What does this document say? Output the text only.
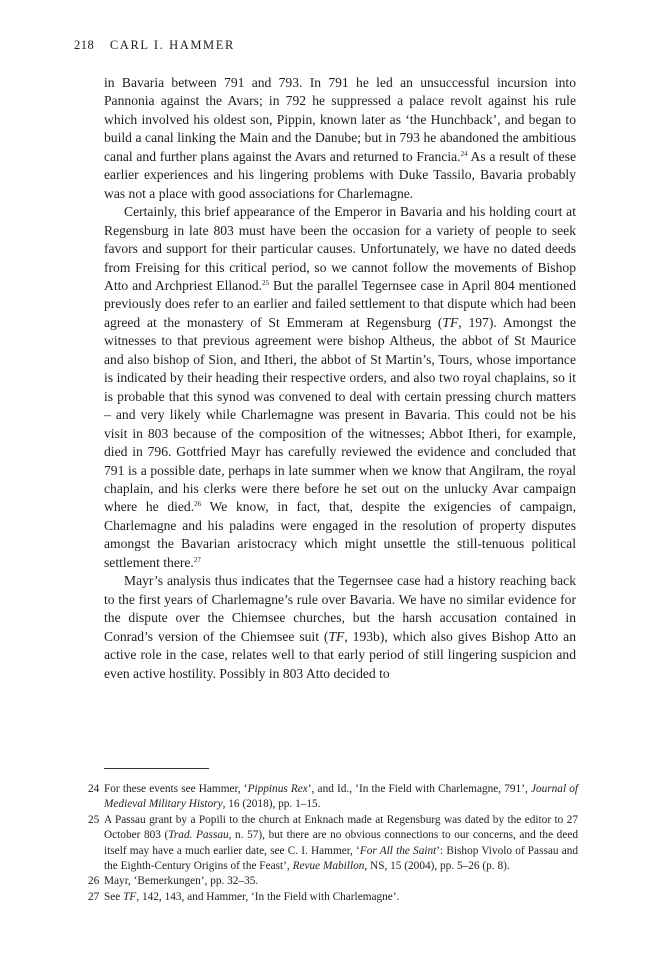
218 CARL I. HAMMER

in Bavaria between 791 and 793. In 791 he led an unsuccessful incursion into Pannonia against the Avars; in 792 he suppressed a palace revolt against his rule which involved his oldest son, Pippin, known later as ‘the Hunchback’, and began to build a canal linking the Main and the Danube; but in 793 he abandoned the ambitious canal and further plans against the Avars and returned to Francia.$^{24}$ As a result of these earlier experiences and his lingering problems with Duke Tassilo, Bavaria probably was not a place with good associations for Charlemagne.

Certainly, this brief appearance of the Emperor in Bavaria and his holding court at Regensburg in late 803 must have been the occasion for a variety of people to seek favors and support for their particular causes. Unfortunately, we have no dated deeds from Freising for this critical period, so we cannot follow the movements of Bishop Atto and Archpriest Ellanod.$^{25}$ But the parallel Tegernsee case in April 804 mentioned previously does refer to an earlier and failed settlement to that dispute which had been agreed at the monastery of St Emmeram at Regensburg (TF, 197). Amongst the witnesses to that previous agreement were bishop Altheus, the abbot of St Maurice and also bishop of Sion, and Itheri, the abbot of St Martin’s, Tours, whose importance is indicated by their heading their respective orders, and also two royal chaplains, so it is probable that this synod was convened to deal with certain pressing church matters – and very likely while Charlemagne was present in Bavaria. This could not be his visit in 803 because of the composition of the witnesses; Abbot Itheri, for example, died in 796. Gottfried Mayr has carefully reviewed the evidence and concluded that 791 is a possible date, perhaps in late summer when we know that Angilram, the royal chaplain, and his clerks were there before he set out on the unlucky Avar campaign where he died.$^{26}$ We know, in fact, that, despite the exigencies of campaign, Charlemagne and his paladins were engaged in the resolution of property disputes amongst the Bavarian aristocracy which might unsettle the still-tenuous political settlement there.$^{27}$

Mayr’s analysis thus indicates that the Tegernsee case had a history reaching back to the first years of Charlemagne’s rule over Bavaria. We have no similar evidence for the dispute over the Chiemsee churches, but the harsh accusation contained in Conrad’s version of the Chiemsee suit (TF, 193b), which also gives Bishop Atto an active role in the case, relates well to that early period of still lingering suspicion and even active hostility. Possibly in 803 Atto decided to

24 For these events see Hammer, ‘Pippinus Rex’, and Id., ‘In the Field with Charlemagne, 791’, Journal of Medieval Military History, 16 (2018), pp. 1–15.
25 A Passau grant by a Popili to the church at Enknach made at Regensburg was dated by the editor to 27 October 803 (Trad. Passau, n. 57), but there are no obvious connections to our concerns, and the deed itself may have a much earlier date, see C. I. Hammer, ‘For All the Saint’: Bishop Vivolo of Passau and the Eighth-Century Origins of the Feast’, Revue Mabillon, NS, 15 (2004), pp. 5–26 (p. 8).
26 Mayr, ‘Bemerkungen’, pp. 32–35.
27 See TF, 142, 143, and Hammer, ‘In the Field with Charlemagne’.
